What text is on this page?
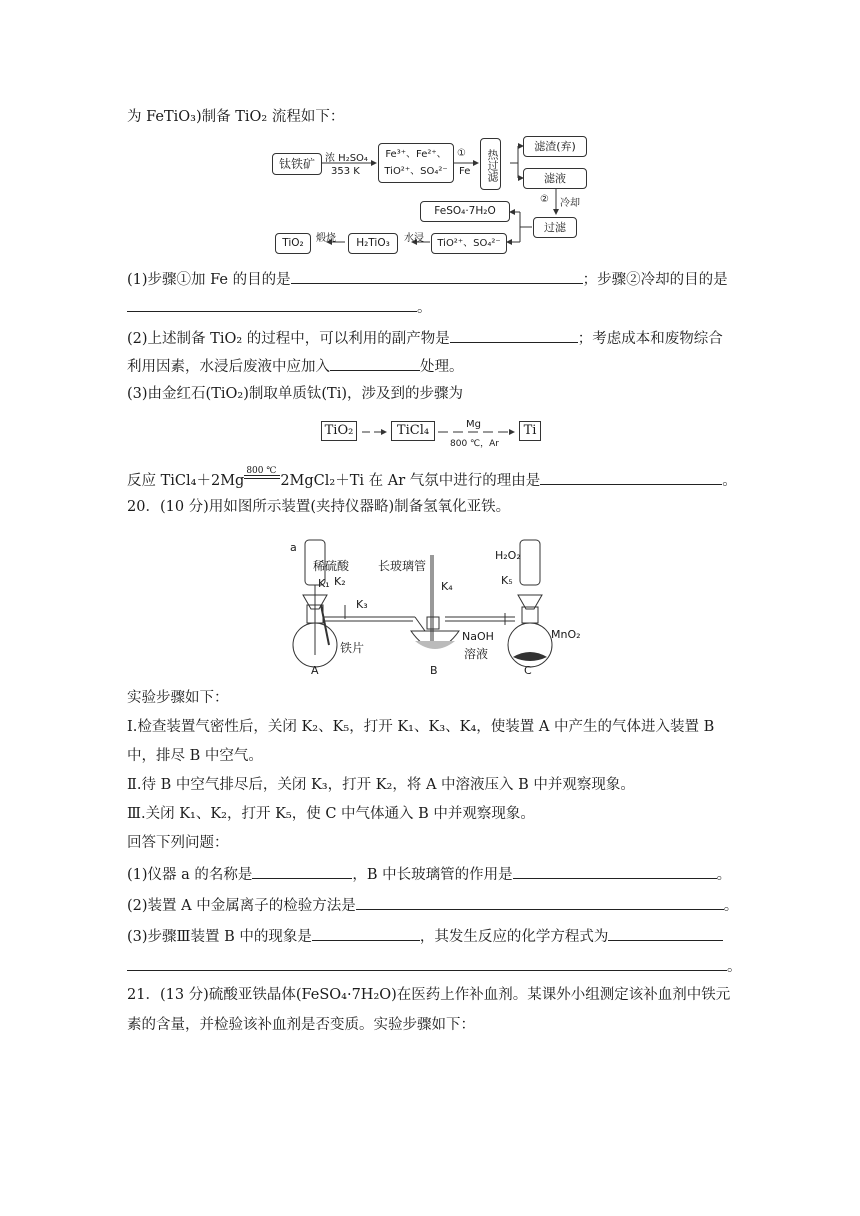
为 FeTiO₃)制备 TiO₂ 流程如下：
钛铁矿	浓 H₂SO₄
353 K
Fe³⁺、Fe²⁺、
TiO²⁺、SO₄²⁻
①
Fe	热过滤
滤渣(弃)
滤液
② 冷却
过滤
FeSO₄·7H₂O
TiO²⁺、SO₄²⁻
水浸
H₂TiO₃
煅烧
TiO₂
(1)步骤①加 Fe 的目的是	；步骤②冷却的目的是
。
(2)上述制备 TiO₂ 的过程中，可以利用的副产物是	；考虑成本和废物综合
利用因素，水浸后废液中应加入	处理。
(3)由金红石(TiO₂)制取单质钛(Ti)，涉及到的步骤为
TiO₂	TiCl₄	Mg
800 ℃，Ar
Ti
反应 TiCl₄＋2Mg
800 ℃
2MgCl₂＋Ti 在 Ar 气氛中进行的理由是	。
20．(10 分)用如图所示装置(夹持仪器略)制备氢氧化亚铁。
a
稀硫酸
K₁ K₂
K₃
长玻璃管
K₄
H₂O₂
K₅
铁片
NaOH
溶液
MnO₂
A	B	C
实验步骤如下：
Ⅰ.检查装置气密性后，关闭 K₂、K₅，打开 K₁、K₃、K₄，使装置 A 中产生的气体进入装置 B
中，排尽 B 中空气。
Ⅱ.待 B 中空气排尽后，关闭 K₃，打开 K₂，将 A 中溶液压入 B 中并观察现象。
Ⅲ.关闭 K₁、K₂，打开 K₅，使 C 中气体通入 B 中并观察现象。
回答下列问题：
(1)仪器 a 的名称是	，B 中长玻璃管的作用是	。
(2)装置 A 中金属离子的检验方法是	。
(3)步骤Ⅲ装置 B 中的现象是	，其发生反应的化学方程式为
。
21．(13 分)硫酸亚铁晶体(FeSO₄·7H₂O)在医药上作补血剂。某课外小组测定该补血剂中铁元
素的含量，并检验该补血剂是否变质。实验步骤如下：
